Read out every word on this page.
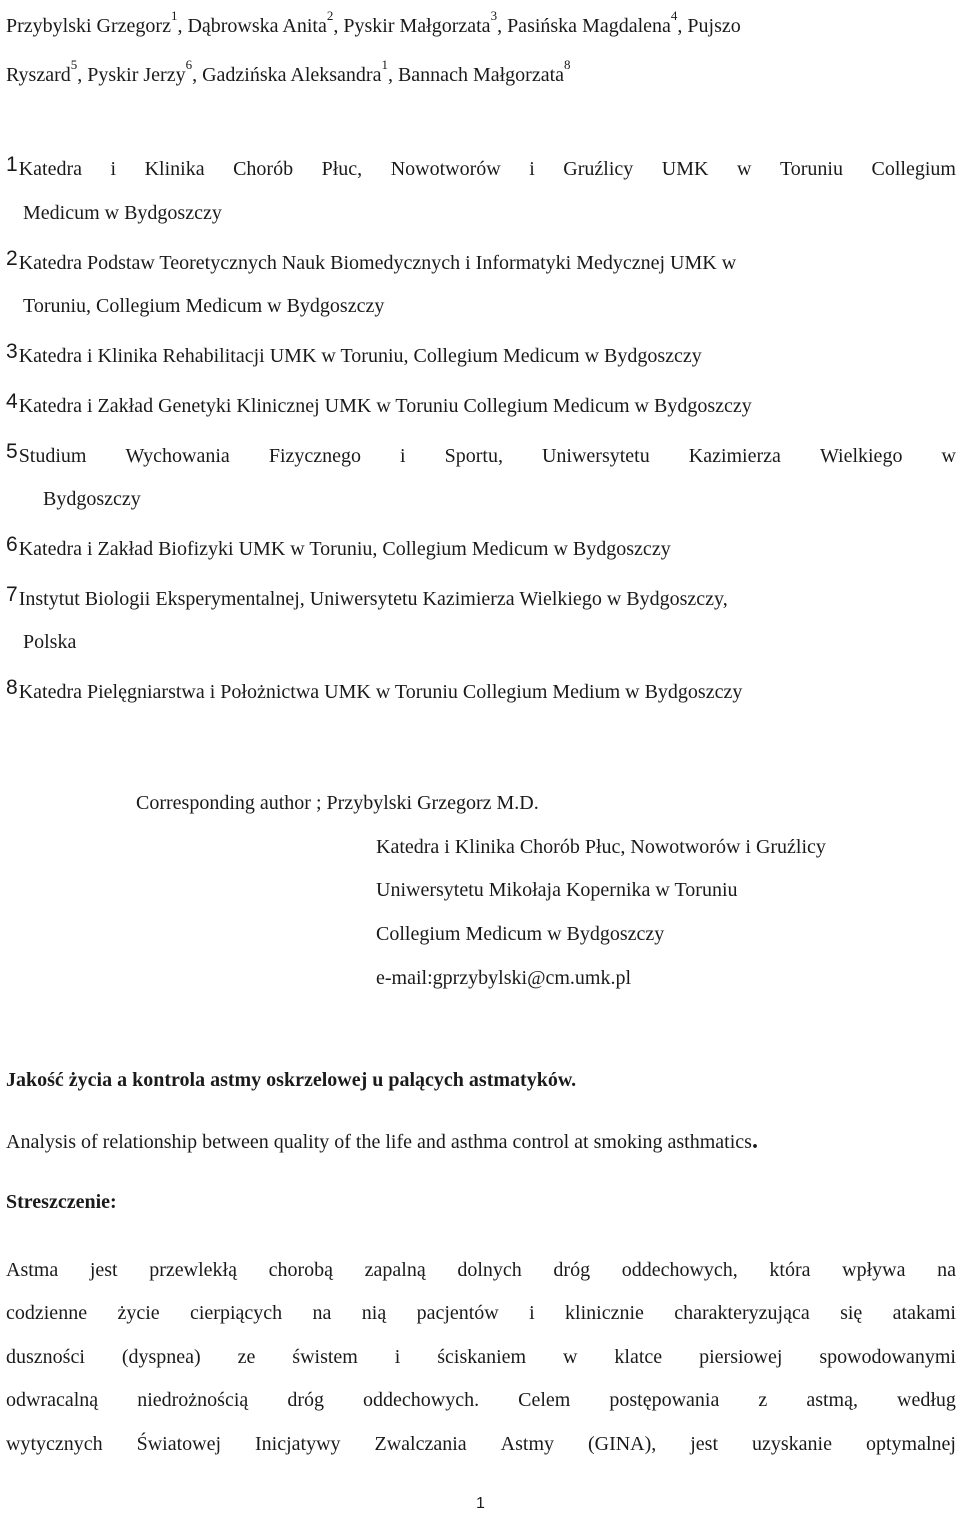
Przybylski Grzegorz$^1$, Dąbrowska Anita$^2$, Pyskir Małgorzata$^3$, Pasińska Magdalena$^4$, Pujszo
Ryszard$^5$, Pyskir Jerzy$^6$, Gadzińska Aleksandra$^1$, Bannach Małgorzata$^8$
1Katedra i Klinika Chorób Płuc, Nowotworów i Gruźlicy UMK w Toruniu Collegium
Medicum w Bydgoszczy
2Katedra Podstaw Teoretycznych Nauk Biomedycznych i Informatyki Medycznej UMK w
Toruniu, Collegium Medicum w Bydgoszczy
3Katedra i Klinika Rehabilitacji UMK w Toruniu, Collegium Medicum w Bydgoszczy
4Katedra i Zakład Genetyki Klinicznej UMK w Toruniu Collegium Medicum w Bydgoszczy
5Studium Wychowania Fizycznego i Sportu, Uniwersytetu Kazimierza Wielkiego w
Bydgoszczy
6Katedra i Zakład Biofizyki UMK w Toruniu, Collegium Medicum w Bydgoszczy
7Instytut Biologii Eksperymentalnej, Uniwersytetu Kazimierza Wielkiego w Bydgoszczy,
Polska
8Katedra Pielęgniarstwa i Położnictwa UMK w Toruniu Collegium Medium w Bydgoszczy
Corresponding author ; Przybylski Grzegorz M.D.
Katedra i Klinika Chorób Płuc, Nowotworów i Gruźlicy
Uniwersytetu Mikołaja Kopernika w Toruniu
Collegium Medicum w Bydgoszczy
e-mail:gprzybylski@cm.umk.pl
Jakość życia a kontrola astmy oskrzelowej u palących astmatyków.
Analysis of relationship between quality of the life and asthma control at smoking asthmatics.
Streszczenie:
Astma jest przewlekłą chorobą zapalną dolnych dróg oddechowych, która wpływa na
codzienne życie cierpiących na nią pacjentów i klinicznie charakteryzująca się atakami
duszności (dyspnea) ze świstem i ściskaniem w klatce piersiowej spowodowanymi
odwracalną niedrożnością dróg oddechowych. Celem postępowania z astmą, według
wytycznych Światowej Inicjatywy Zwalczania Astmy (GINA), jest uzyskanie optymalnej
1
